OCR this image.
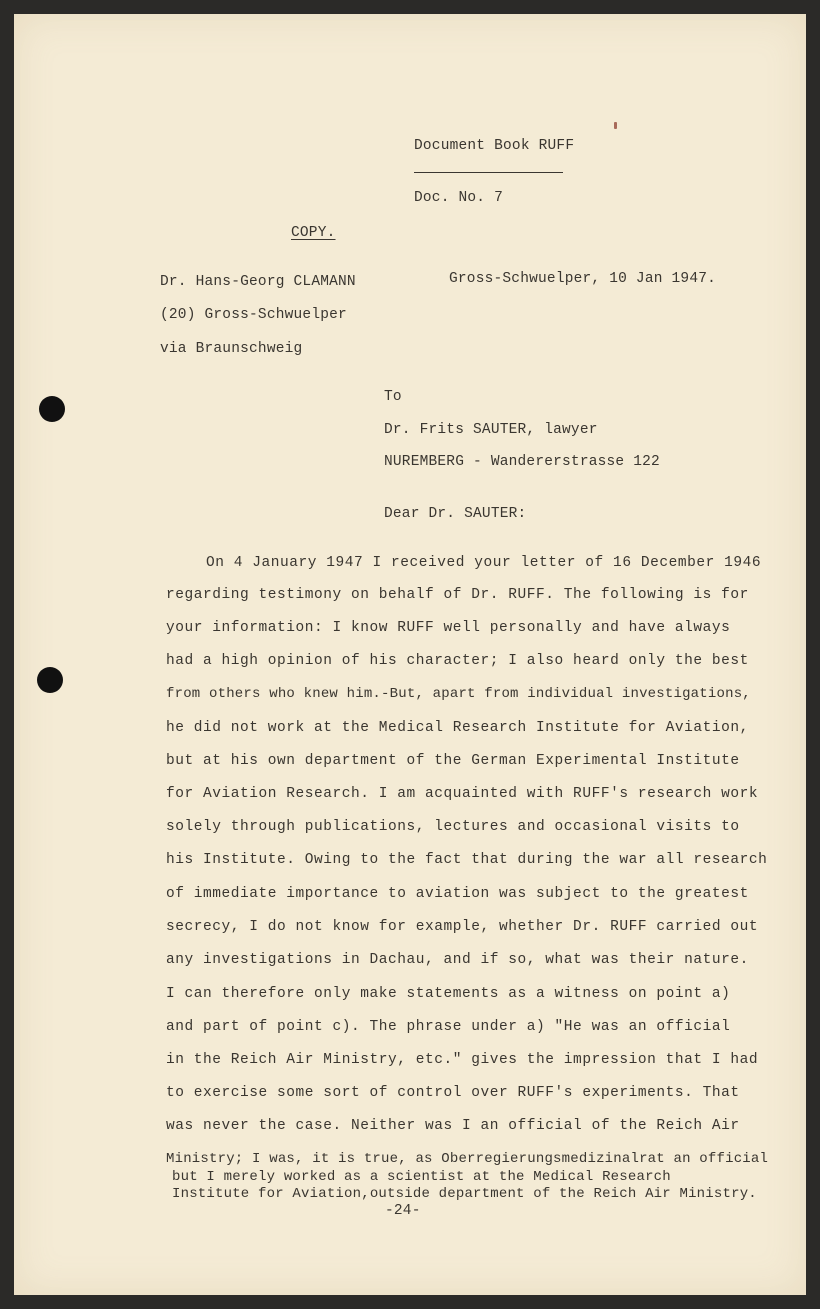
Document Book RUFF
Doc. No. 7
COPY.
Dr. Hans-Georg CLAMANN
(20) Gross-Schwuelper
via Braunschweig
Gross-Schwuelper, 10 Jan 1947.
To
Dr. Frits SAUTER, lawyer
NUREMBERG - Wandererstrasse 122
Dear Dr. SAUTER:
On 4 January 1947 I received your letter of 16 December 1946
regarding testimony on behalf of Dr. RUFF. The following is for
your information: I know RUFF well personally and have always
had a high opinion of his character; I also heard only the best
from others who knew him.-But, apart from individual investigations,
he did not work at the Medical Research Institute for Aviation,
but at his own department of the German Experimental Institute
for Aviation Research. I am acquainted with RUFF's research work
solely through publications, lectures and occasional visits to
his Institute. Owing to the fact that during the war all research
of immediate importance to aviation was subject to the greatest
secrecy, I do not know for example, whether Dr. RUFF carried out
any investigations in Dachau, and if so, what was their nature.
I can therefore only make statements as a witness on point a)
and part of point c). The phrase under a) "He was an official
in the Reich Air Ministry, etc." gives the impression that I had
to exercise some sort of control over RUFF's experiments. That
was never the case. Neither was I an official of the Reich Air
Ministry; I was, it is true, as Oberregierungsmedizinalrat an official
but I merely worked as a scientist at the Medical Research
Institute for Aviation,outside department of the Reich Air Ministry.
-24-
